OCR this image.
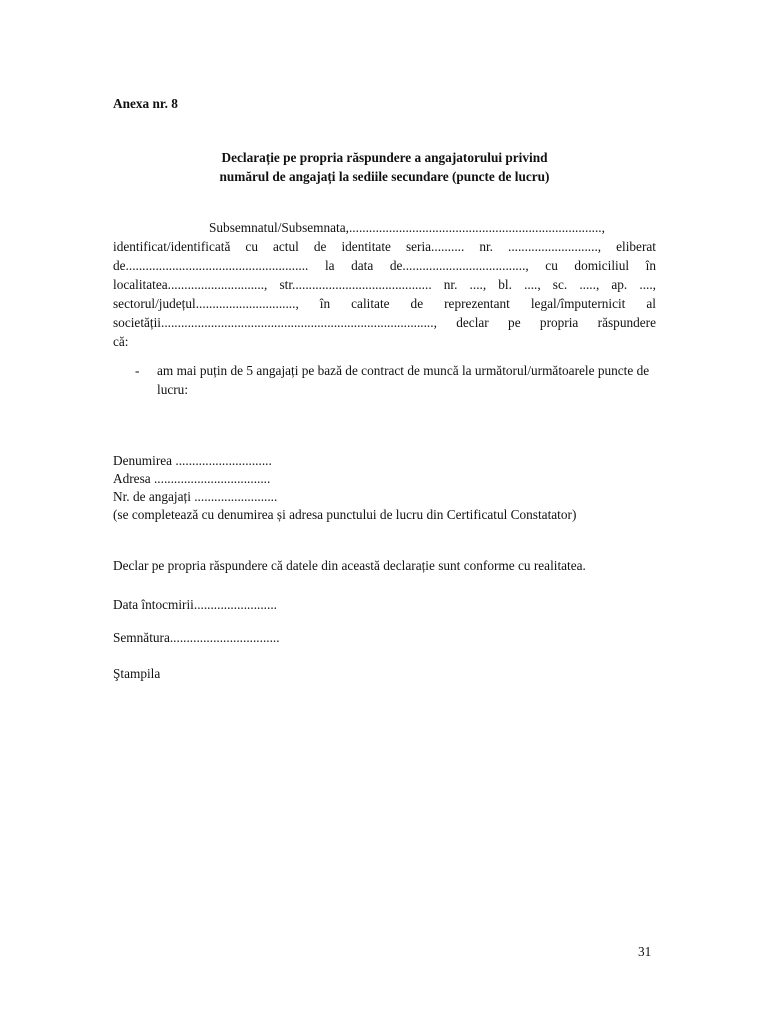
Anexa nr. 8
Declarație pe propria răspundere a angajatorului privind
numărul de angajați la sediile secundare (puncte de lucru)
Subsemnatul/Subsemnata,............................................................................,
identificat/identificată cu actul de identitate seria.......... nr. ..........................., eliberat
de....................................................... la data de....................................., cu domiciliul în
localitatea............................., str.......................................... nr. ...., bl. ...., sc. ....., ap. ....,
sectorul/județul.............................., în calitate de reprezentant legal/împuternicit al
societății.................................................................................., declar pe propria răspundere
că:
- am mai puțin de 5 angajați pe bază de contract de muncă la următorul/următoarele puncte de lucru:
Denumirea .............................
Adresa ...................................
Nr. de angajați .........................
(se completează cu denumirea și adresa punctului de lucru din Certificatul Constatator)
Declar pe propria răspundere că datele din această declarație sunt conforme cu realitatea.
Data întocmirii.........................
Semnătura.................................
Ştampila
31
